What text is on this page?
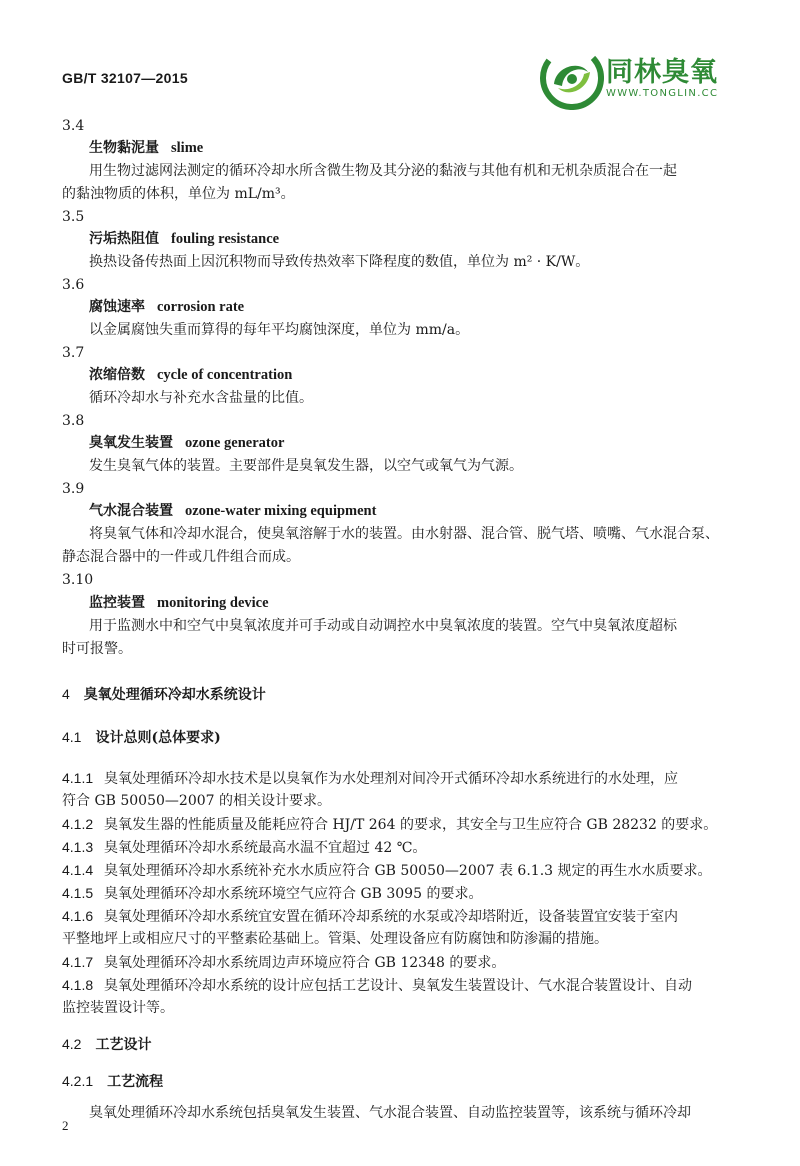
GB/T 32107—2015	同林臭氧
WWW.TONGLIN.CC
3.4
生物黏泥量 slime
用生物过滤网法测定的循环冷却水所含微生物及其分泌的黏液与其他有机和无机杂质混合在一起
的黏浊物质的体积，单位为 mL/m³。
3.5
污垢热阻值 fouling resistance
换热设备传热面上因沉积物而导致传热效率下降程度的数值，单位为 m² · K/W。
3.6
腐蚀速率 corrosion rate
以金属腐蚀失重而算得的每年平均腐蚀深度，单位为 mm/a。
3.7
浓缩倍数 cycle of concentration
循环冷却水与补充水含盐量的比值。
3.8
臭氧发生装置 ozone generator
发生臭氧气体的装置。主要部件是臭氧发生器，以空气或氧气为气源。
3.9
气水混合装置 ozone-water mixing equipment
将臭氧气体和冷却水混合，使臭氧溶解于水的装置。由水射器、混合管、脱气塔、喷嘴、气水混合泵、
静态混合器中的一件或几件组合而成。
3.10
监控装置 monitoring device
用于监测水中和空气中臭氧浓度并可手动或自动调控水中臭氧浓度的装置。空气中臭氧浓度超标
时可报警。
4 臭氧处理循环冷却水系统设计
4.1 设计总则(总体要求)
4.1.1 臭氧处理循环冷却水技术是以臭氧作为水处理剂对间冷开式循环冷却水系统进行的水处理，应
符合 GB 50050—2007 的相关设计要求。
4.1.2 臭氧发生器的性能质量及能耗应符合 HJ/T 264 的要求，其安全与卫生应符合 GB 28232 的要求。
4.1.3 臭氧处理循环冷却水系统最高水温不宜超过 42 ℃。
4.1.4 臭氧处理循环冷却水系统补充水水质应符合 GB 50050—2007 表 6.1.3 规定的再生水水质要求。
4.1.5 臭氧处理循环冷却水系统环境空气应符合 GB 3095 的要求。
4.1.6 臭氧处理循环冷却水系统宜安置在循环冷却系统的水泵或冷却塔附近，设备装置宜安装于室内
平整地坪上或相应尺寸的平整素砼基础上。管渠、处理设备应有防腐蚀和防渗漏的措施。
4.1.7 臭氧处理循环冷却水系统周边声环境应符合 GB 12348 的要求。
4.1.8 臭氧处理循环冷却水系统的设计应包括工艺设计、臭氧发生装置设计、气水混合装置设计、自动
监控装置设计等。
4.2 工艺设计
4.2.1 工艺流程
臭氧处理循环冷却水系统包括臭氧发生装置、气水混合装置、自动监控装置等，该系统与循环冷却
2
